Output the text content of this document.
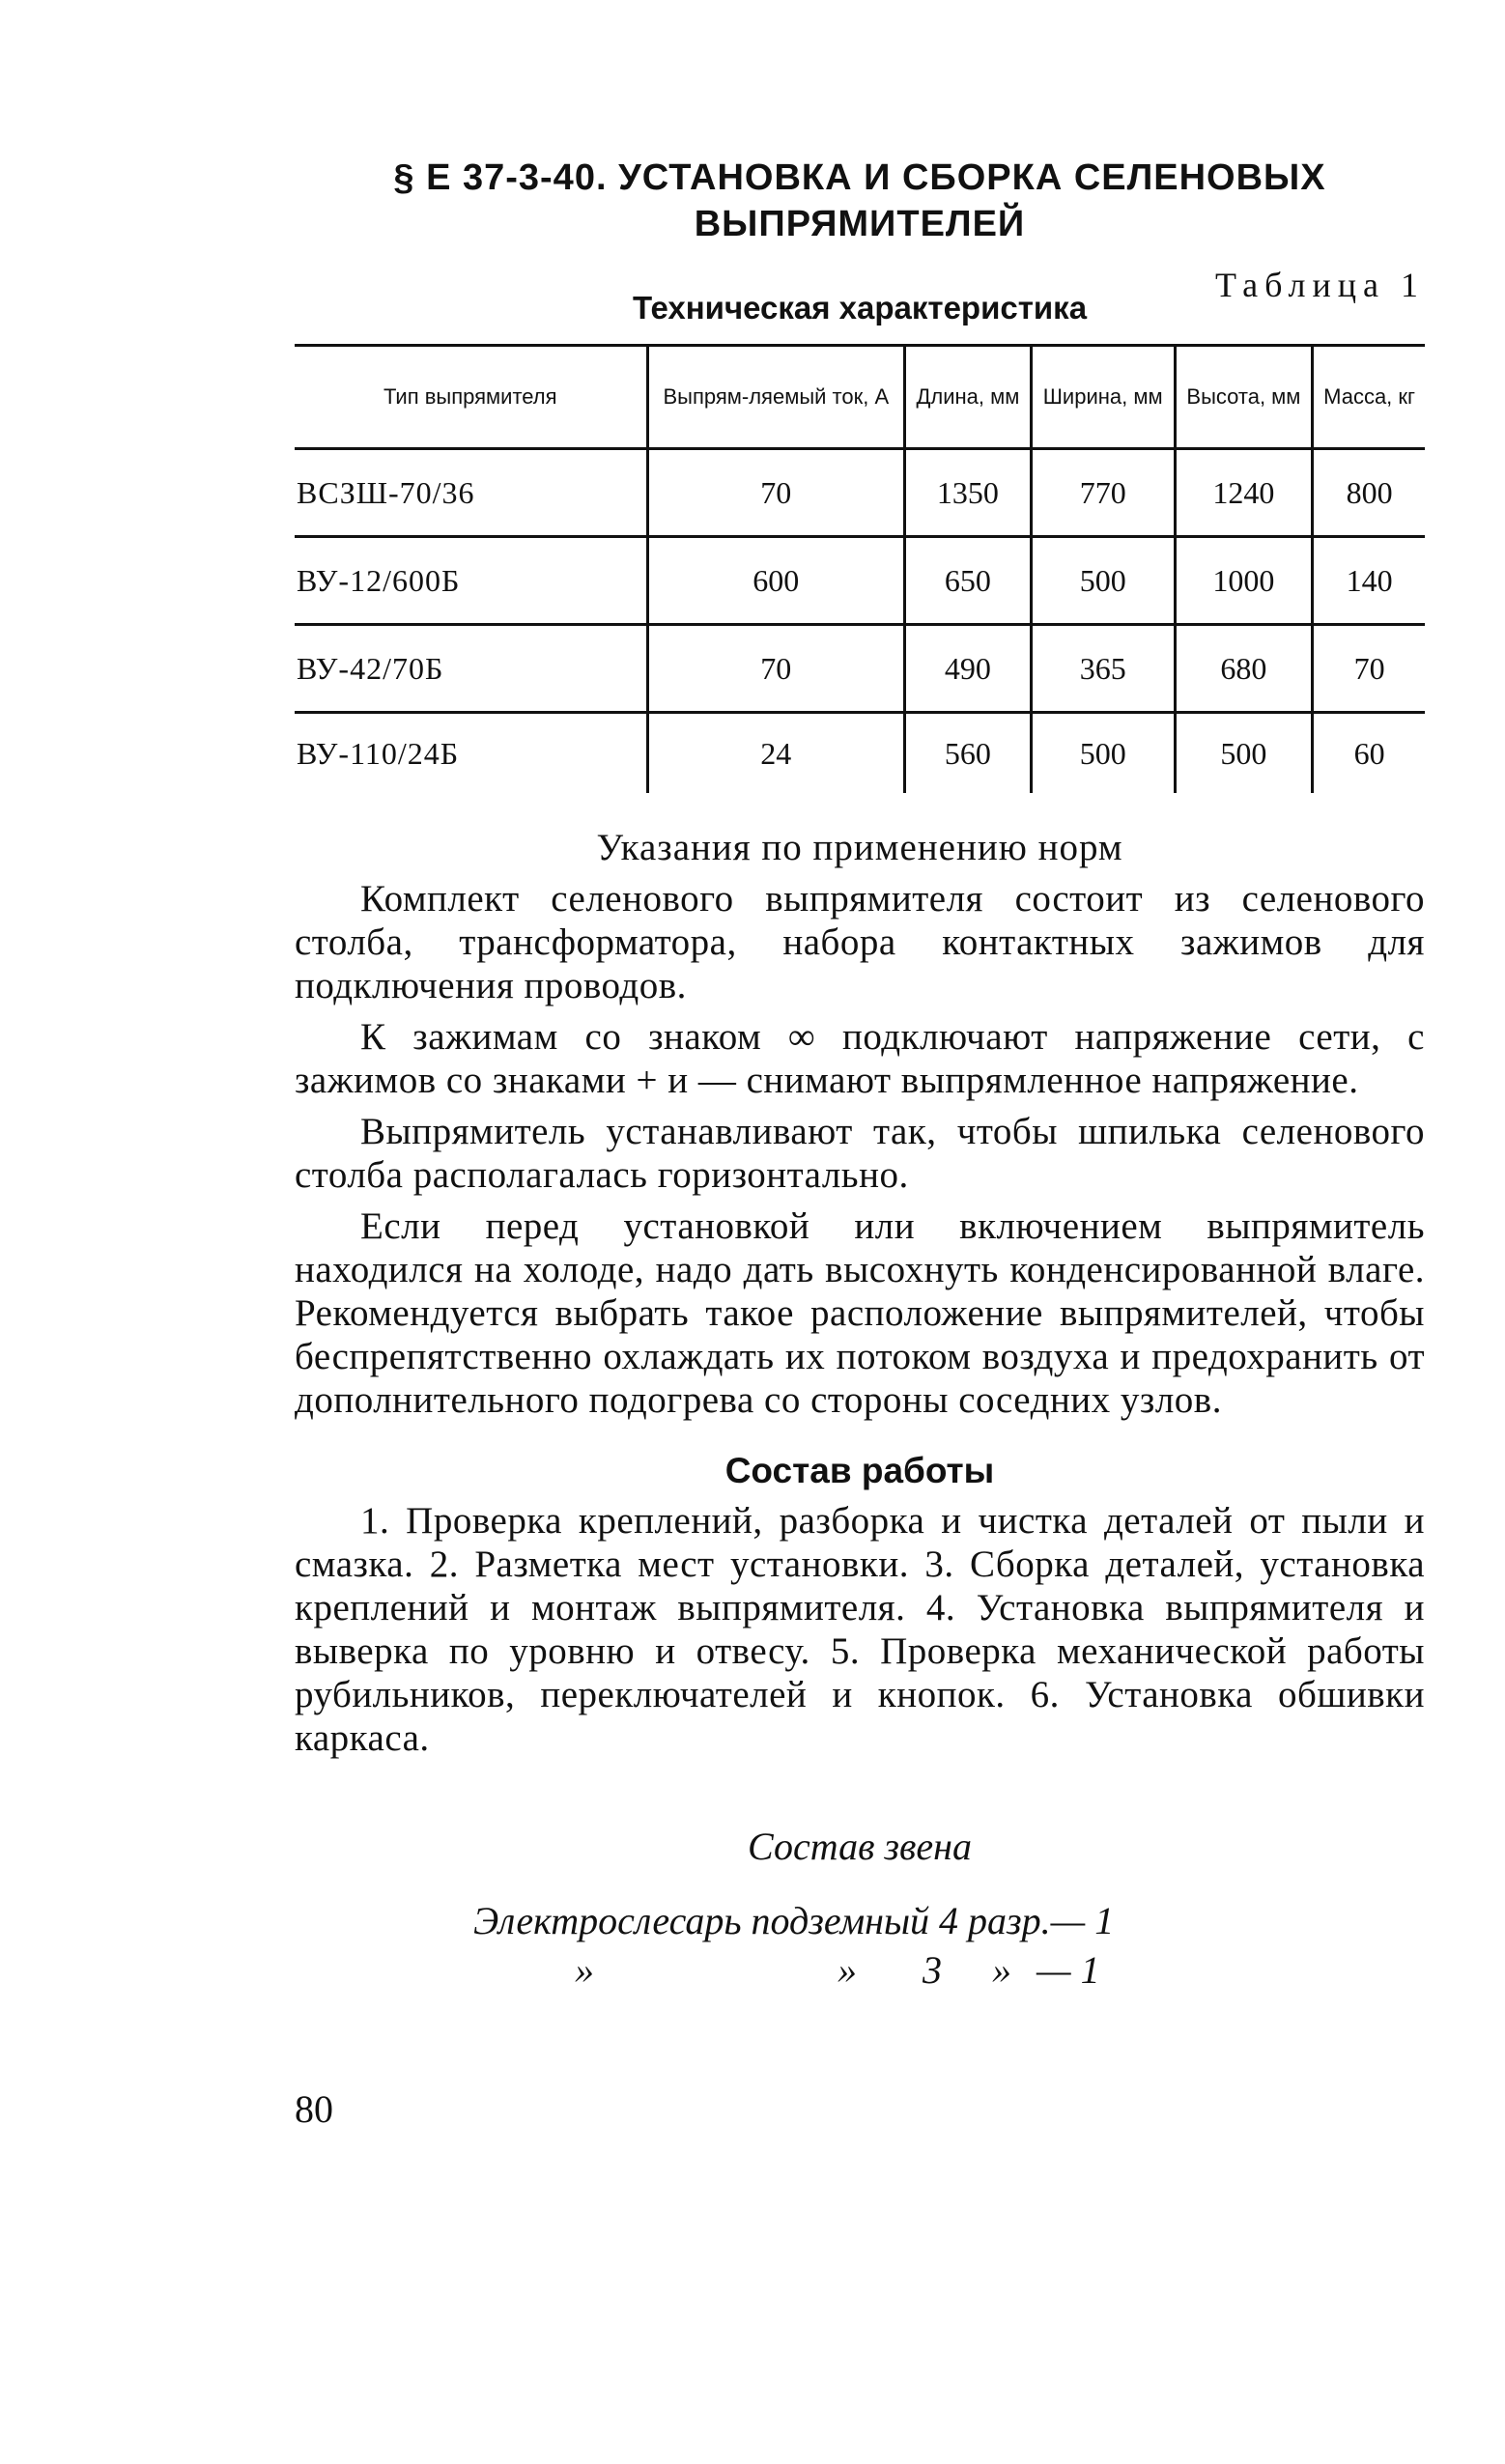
§ Е 37-3-40. УСТАНОВКА И СБОРКА СЕЛЕНОВЫХ
ВЫПРЯМИТЕЛЕЙ
Техническая характеристика
Таблица 1
Тип выпрямителя	Выпрям-ляемый ток, А	Длина, мм	Ширина, мм	Высота, мм	Масса, кг
ВСЗШ-70/36	70	1350	770	1240	800
ВУ-12/600Б	600	650	500	1000	140
ВУ-42/70Б	70	490	365	680	70
ВУ-110/24Б	24	560	500	500	60
Указания по применению норм

Комплект селенового выпрямителя состоит из селенового столба, трансформатора, набора контактных зажимов для подключения проводов.

К зажимам со знаком ∞ подключают напряжение сети, с зажимов со знаками + и — снимают выпрямленное напряжение.

Выпрямитель устанавливают так, чтобы шпилька селенового столба располагалась горизонтально.

Если перед установкой или включением выпрямитель находился на холоде, надо дать высохнуть конденсированной влаге. Рекомендуется выбрать такое расположение выпрямителей, чтобы беспрепятственно охлаждать их потоком воздуха и предохранить от дополнительного подогрева со стороны соседних узлов.

Состав работы

1. Проверка креплений, разборка и чистка деталей от пыли и смазка. 2. Разметка мест установки. 3. Сборка деталей, установка креплений и монтаж выпрямителя. 4. Установка выпрямителя и выверка по уровню и отвесу. 5. Проверка механической работы рубильников, переключателей и кнопок. 6. Установка обшивки каркаса.

Состав звена
Электрослесарь подземный 4 разр.— 1
»	» 3 » — 1
80
